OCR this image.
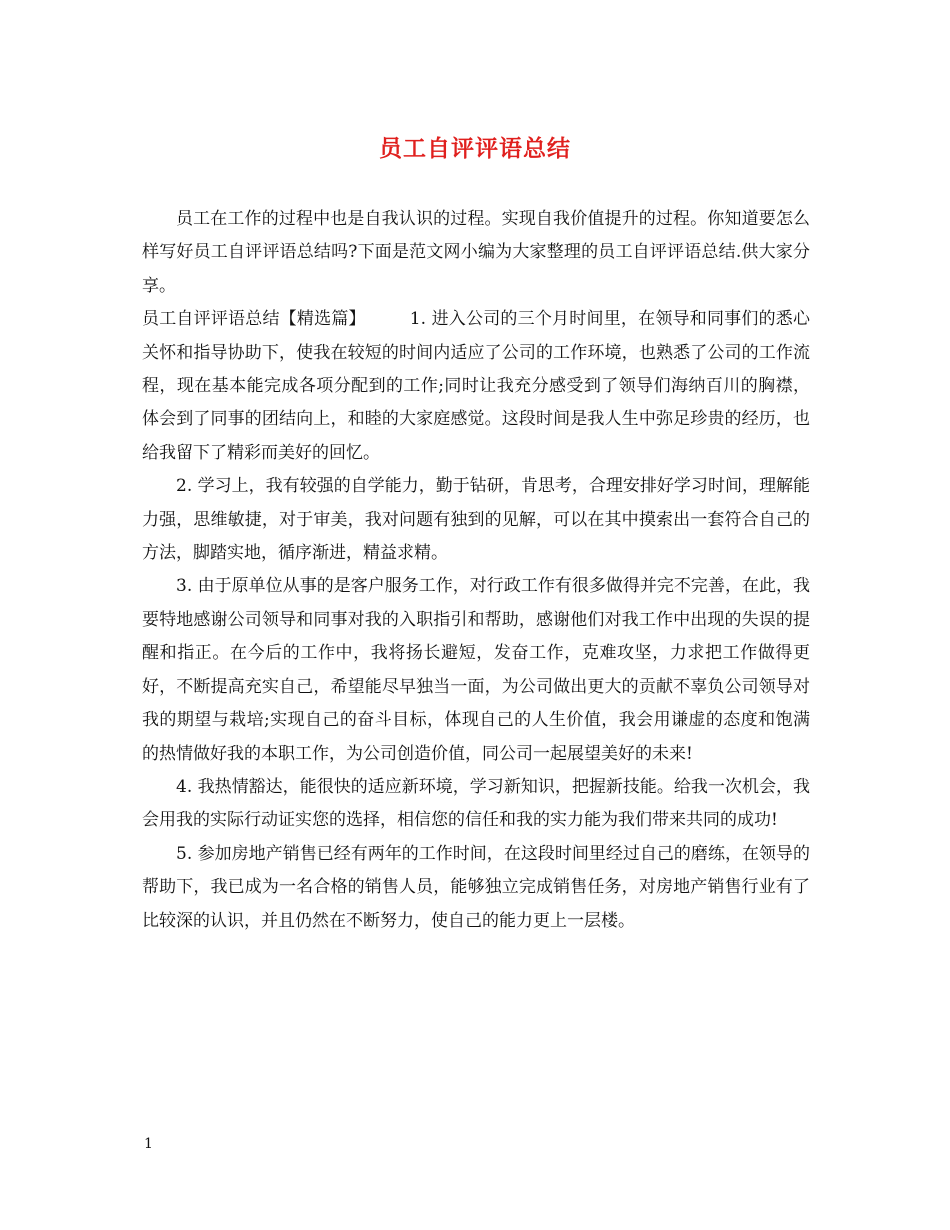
员工自评评语总结

员工在工作的过程中也是自我认识的过程。实现自我价值提升的过程。你知道要怎么样写好员工自评评语总结吗?下面是范文网小编为大家整理的员工自评评语总结.供大家分享。

员工自评评语总结【精选篇】	1. 进入公司的三个月时间里，在领导和同事们的悉心关怀和指导协助下，使我在较短的时间内适应了公司的工作环境，也熟悉了公司的工作流程，现在基本能完成各项分配到的工作;同时让我充分感受到了领导们海纳百川的胸襟，体会到了同事的团结向上，和睦的大家庭感觉。这段时间是我人生中弥足珍贵的经历，也给我留下了精彩而美好的回忆。

2. 学习上，我有较强的自学能力，勤于钻研，肯思考，合理安排好学习时间，理解能力强，思维敏捷，对于审美，我对问题有独到的见解，可以在其中摸索出一套符合自己的方法，脚踏实地，循序渐进，精益求精。

3. 由于原单位从事的是客户服务工作，对行政工作有很多做得并完不完善，在此，我要特地感谢公司领导和同事对我的入职指引和帮助，感谢他们对我工作中出现的失误的提醒和指正。在今后的工作中，我将扬长避短，发奋工作，克难攻坚，力求把工作做得更好，不断提高充实自己，希望能尽早独当一面，为公司做出更大的贡献不辜负公司领导对我的期望与栽培;实现自己的奋斗目标，体现自己的人生价值，我会用谦虚的态度和饱满的热情做好我的本职工作，为公司创造价值，同公司一起展望美好的未来!

4. 我热情豁达，能很快的适应新环境，学习新知识，把握新技能。给我一次机会，我会用我的实际行动证实您的选择，相信您的信任和我的实力能为我们带来共同的成功!

5. 参加房地产销售已经有两年的工作时间，在这段时间里经过自己的磨练，在领导的帮助下，我已成为一名合格的销售人员，能够独立完成销售任务，对房地产销售行业有了比较深的认识，并且仍然在不断努力，使自己的能力更上一层楼。

1
